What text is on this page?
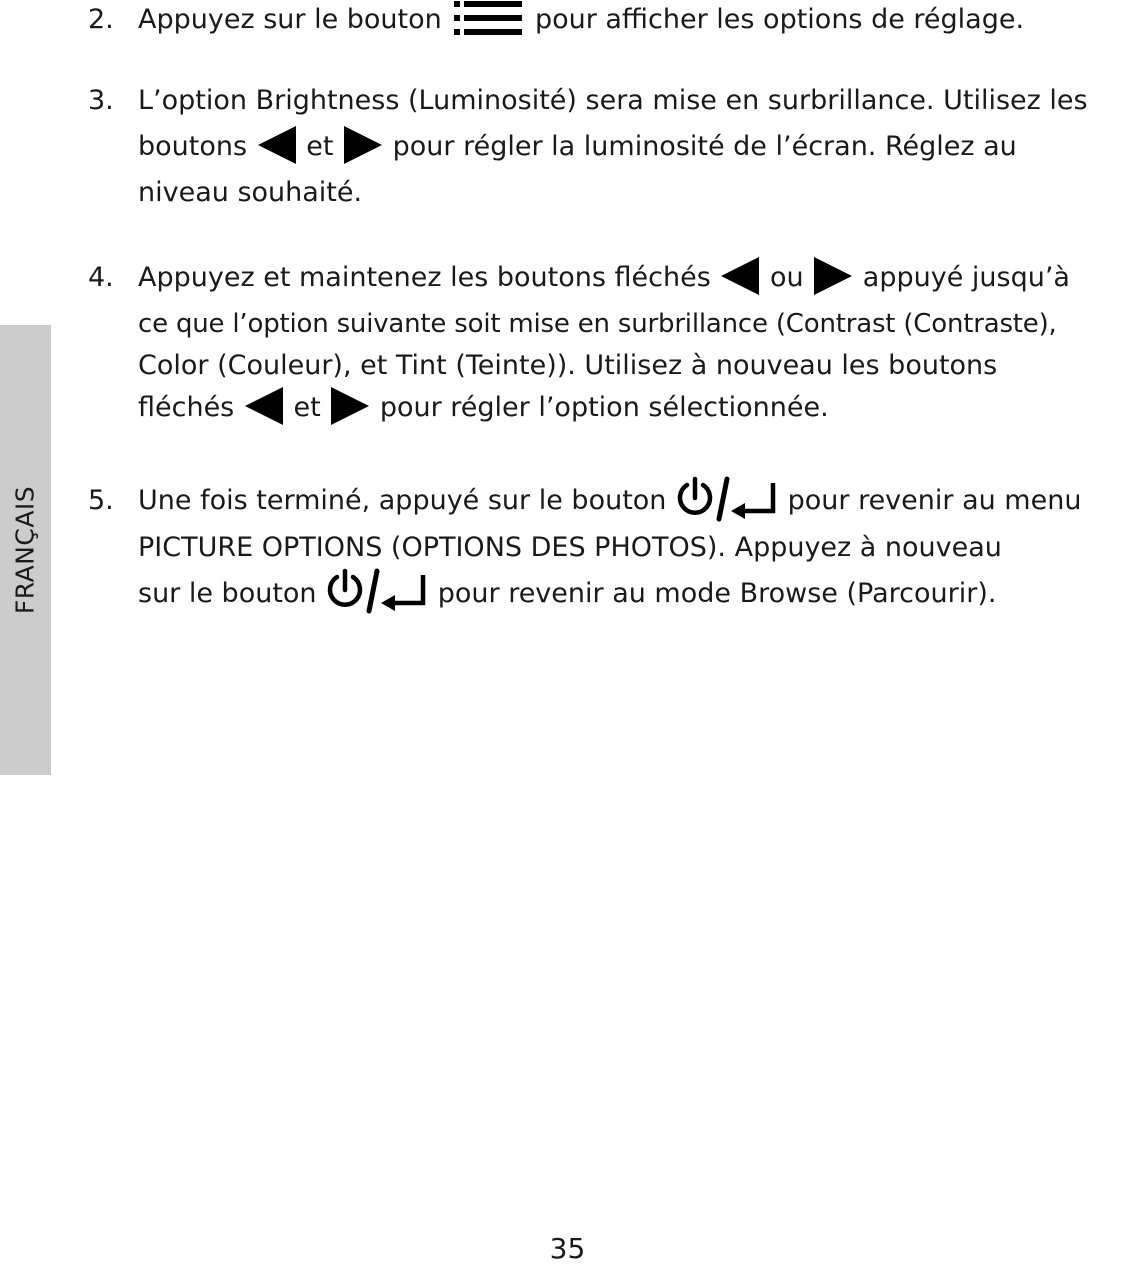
FRANÇAIS
2. Appuyez sur le bouton	pour afficher les options de réglage.
3. L’option Brightness (Luminosité) sera mise en surbrillance. Utilisez les
boutons et pour régler la luminosité de l’écran. Réglez au
niveau souhaité.
4. Appuyez et maintenez les boutons fléchés ou appuyé jusqu’à
ce que l’option suivante soit mise en surbrillance (Contrast (Contraste),
Color (Couleur), et Tint (Teinte)). Utilisez à nouveau les boutons
fléchés et pour régler l’option sélectionnée.
5. Une fois terminé, appuyé sur le bouton	pour revenir au menu
PICTURE OPTIONS (OPTIONS DES PHOTOS). Appuyez à nouveau
sur le bouton	pour revenir au mode Browse (Parcourir).
35
